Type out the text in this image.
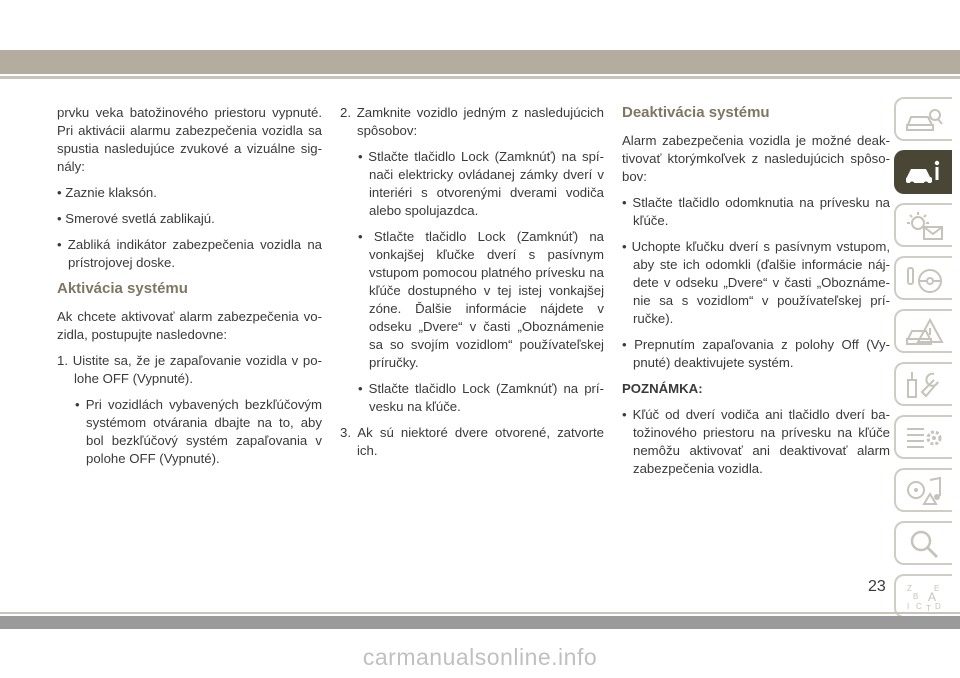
prvku veka batožinového priestoru vypnuté. Pri aktivácii alarmu zabezpečenia vozidla sa spustia nasledujúce zvukové a vizuálne signály:

• Zaznie klaksón.

• Smerové svetlá zablikajú.

• Zabliká indikátor zabezpečenia vozidla na prístrojovej doske.

Aktivácia systému

Ak chcete aktivovať alarm zabezpečenia vozidla, postupujte nasledovne:

1. Uistite sa, že je zapaľovanie vozidla v polohe OFF (Vypnuté).

• Pri vozidlách vybavených bezkľúčovým systémom otvárania dbajte na to, aby bol bezkľúčový systém zapaľovania v polohe OFF (Vypnuté).

2. Zamknite vozidlo jedným z nasledujúcich spôsobov:

• Stlačte tlačidlo Lock (Zamknúť) na spínači elektricky ovládanej zámky dverí v interiéri s otvorenými dverami vodiča alebo spolujazdca.

• Stlačte tlačidlo Lock (Zamknúť) na vonkajšej kľučke dverí s pasívnym vstupom pomocou platného prívesku na kľúče dostupného v tej istej vonkajšej zóne. Ďalšie informácie nájdete v odseku „Dvere“ v časti „Oboznámenie sa so svojím vozidlom“ používateľskej príručky.

• Stlačte tlačidlo Lock (Zamknúť) na prívesku na kľúče.

3. Ak sú niektoré dvere otvorené, zatvorte ich.

Deaktivácia systému

Alarm zabezpečenia vozidla je možné deaktivovať ktorýmkoľvek z nasledujúcich spôsobov:

• Stlačte tlačidlo odomknutia na prívesku na kľúče.

• Uchopte kľučku dverí s pasívnym vstupom, aby ste ich odomkli (ďalšie informácie nájdete v odseku „Dvere“ v časti „Oboznámenie sa s vozidlom“ v používateľskej príručke).

• Prepnutím zapaľovania z polohy Off (Vypnuté) deaktivujete systém.

POZNÁMKA:

• Kľúč od dverí vodiča ani tlačidlo dverí batožinového priestoru na prívesku na kľúče nemôžu aktivovať ani deaktivovať alarm zabezpečenia vozidla.

Z	E
B A
I C T D
23
carmanualsonline.info
